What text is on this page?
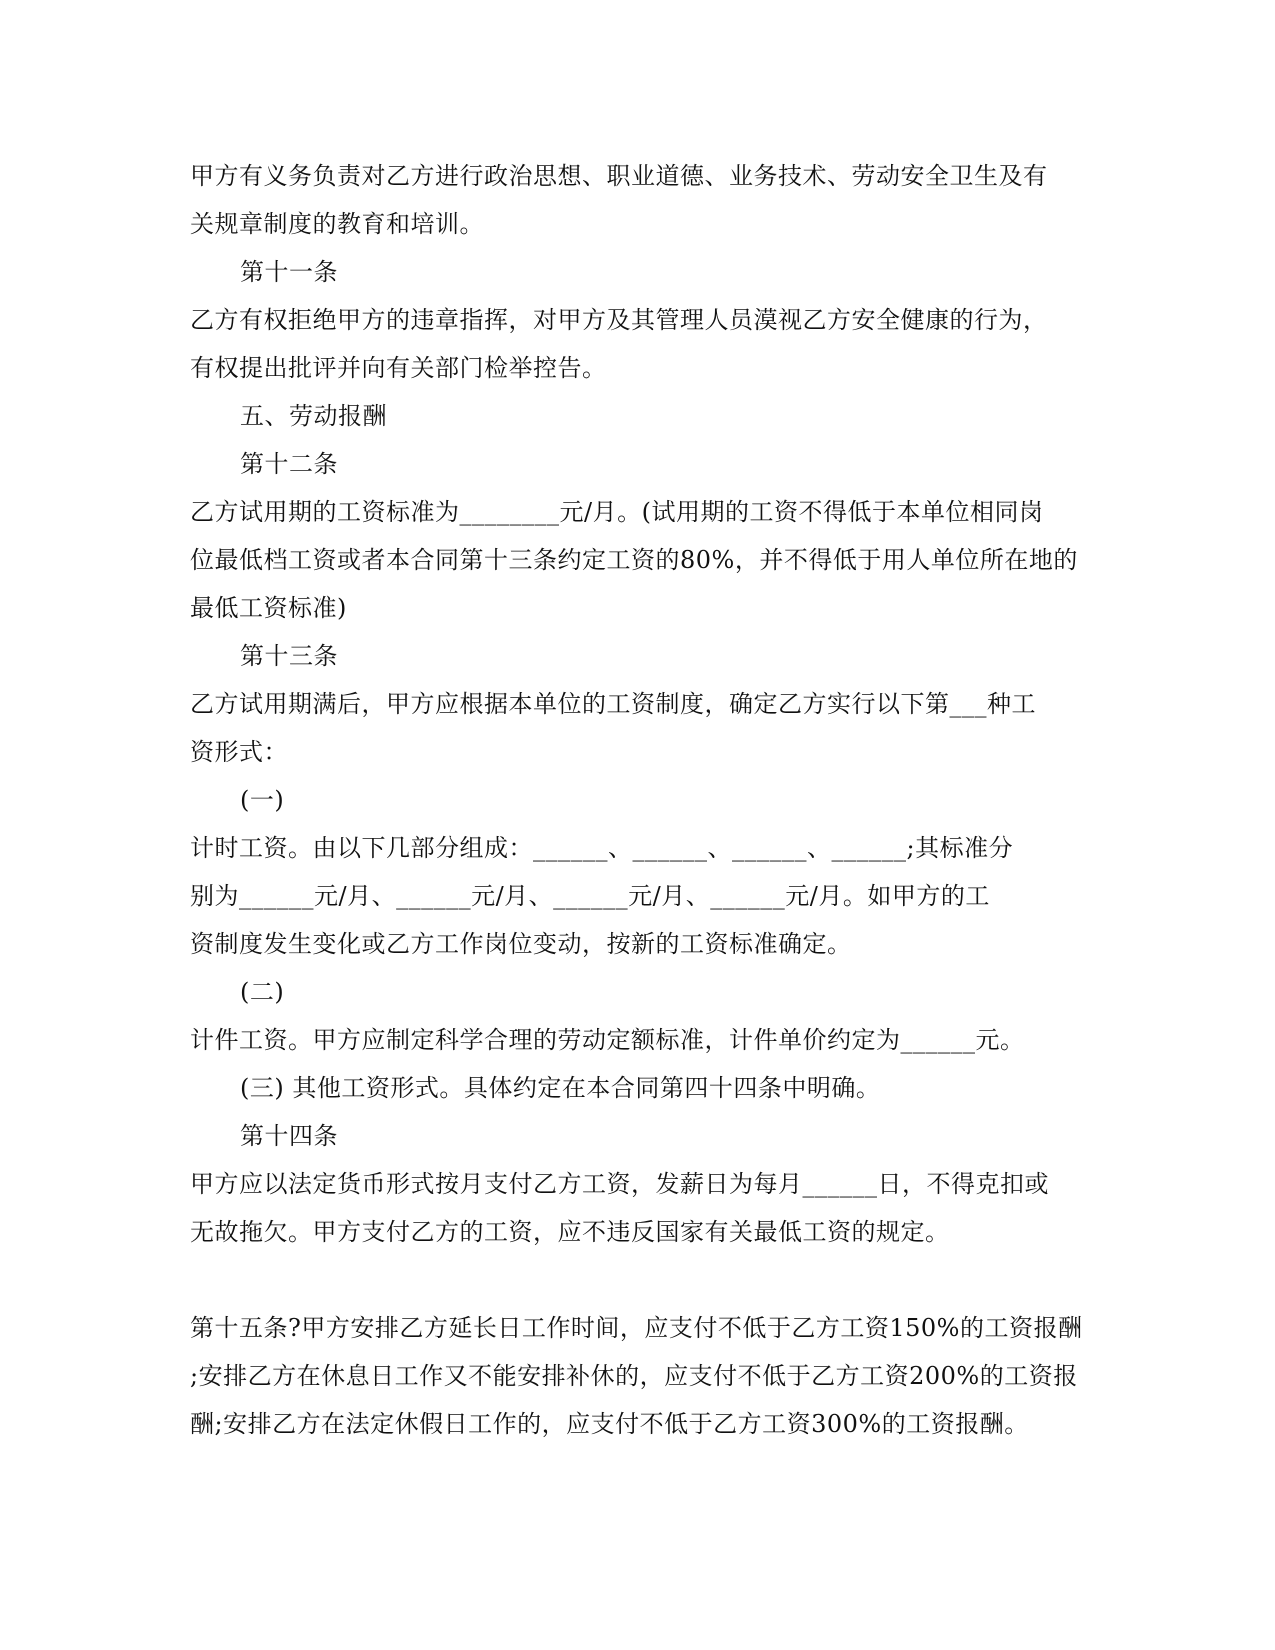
甲方有义务负责对乙方进行政治思想、职业道德、业务技术、劳动安全卫生及有
关规章制度的教育和培训。
第十一条
乙方有权拒绝甲方的违章指挥，对甲方及其管理人员漠视乙方安全健康的行为，
有权提出批评并向有关部门检举控告。
五、劳动报酬
第十二条
乙方试用期的工资标准为________元/月。(试用期的工资不得低于本单位相同岗
位最低档工资或者本合同第十三条约定工资的80%，并不得低于用人单位所在地的
最低工资标准)
第十三条
乙方试用期满后，甲方应根据本单位的工资制度，确定乙方实行以下第___种工
资形式：
(一)
计时工资。由以下几部分组成：______、______、______、______;其标准分
别为______元/月、______元/月、______元/月、______元/月。如甲方的工
资制度发生变化或乙方工作岗位变动，按新的工资标准确定。
(二)
计件工资。甲方应制定科学合理的劳动定额标准，计件单价约定为______元。
(三) 其他工资形式。具体约定在本合同第四十四条中明确。
第十四条
甲方应以法定货币形式按月支付乙方工资，发薪日为每月______日，不得克扣或
无故拖欠。甲方支付乙方的工资，应不违反国家有关最低工资的规定。
第十五条?甲方安排乙方延长日工作时间，应支付不低于乙方工资150%的工资报酬
;安排乙方在休息日工作又不能安排补休的，应支付不低于乙方工资200%的工资报
酬;安排乙方在法定休假日工作的，应支付不低于乙方工资300%的工资报酬。
